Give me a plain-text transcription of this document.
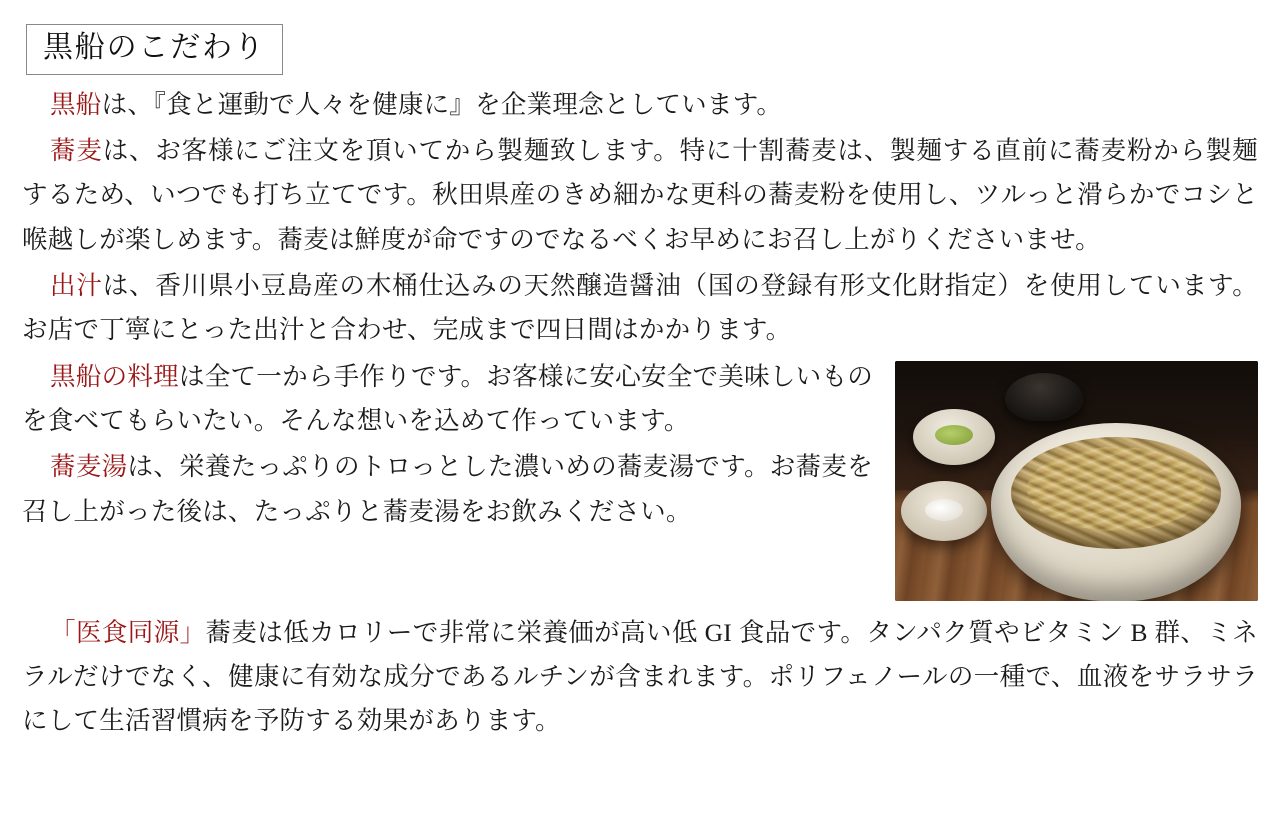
黒船のこだわり

黒船は、『食と運動で人々を健康に』を企業理念としています。

蕎麦は、お客様にご注文を頂いてから製麺致します。特に十割蕎麦は、製麺する直前に蕎麦粉から製麺するため、いつでも打ち立てです。秋田県産のきめ細かな更科の蕎麦粉を使用し、ツルっと滑らかでコシと喉越しが楽しめます。蕎麦は鮮度が命ですのでなるべくお早めにお召し上がりくださいませ。

出汁は、香川県小豆島産の木桶仕込みの天然醸造醤油（国の登録有形文化財指定）を使用しています。お店で丁寧にとった出汁と合わせ、完成まで四日間はかかります。

黒船の料理は全て一から手作りです。お客様に安心安全で美味しいものを食べてもらいたい。そんな想いを込めて作っています。

蕎麦湯は、栄養たっぷりのトロっとした濃いめの蕎麦湯です。お蕎麦を召し上がった後は、たっぷりと蕎麦湯をお飲みください。

「医食同源」蕎麦は低カロリーで非常に栄養価が高い低 GI 食品です。タンパク質やビタミン B 群、ミネラルだけでなく、健康に有効な成分であるルチンが含まれます。ポリフェノールの一種で、血液をサラサラにして生活習慣病を予防する効果があります。
